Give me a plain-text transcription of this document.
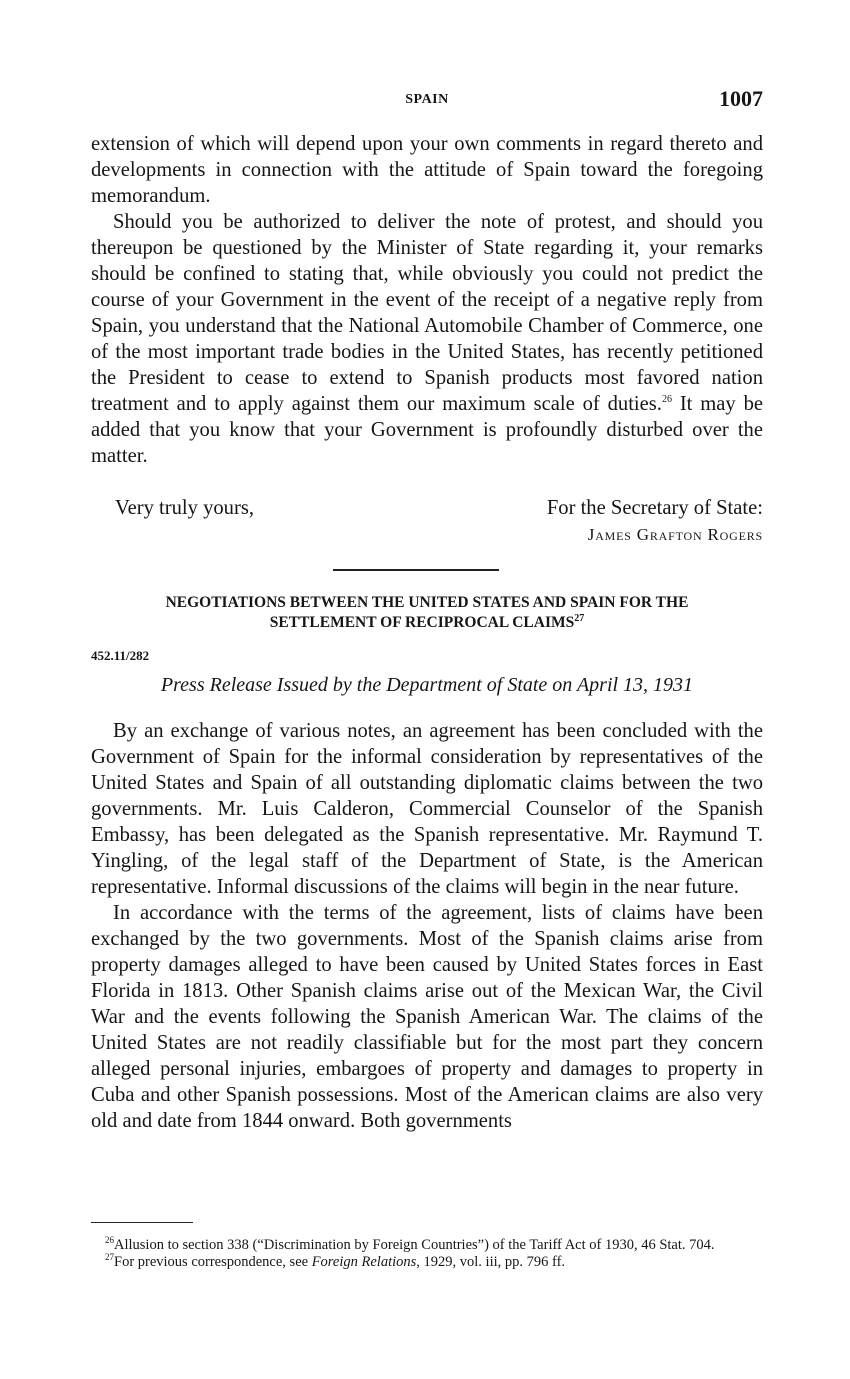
SPAIN	1007

extension of which will depend upon your own comments in regard thereto and developments in connection with the attitude of Spain toward the foregoing memorandum.

Should you be authorized to deliver the note of protest, and should you thereupon be questioned by the Minister of State regarding it, your remarks should be confined to stating that, while obviously you could not predict the course of your Government in the event of the receipt of a negative reply from Spain, you understand that the National Automobile Chamber of Commerce, one of the most important trade bodies in the United States, has recently petitioned the President to cease to extend to Spanish products most favored nation treatment and to apply against them our maximum scale of duties.$^{26}$ It may be added that you know that your Government is profoundly disturbed over the matter.

Very truly yours,	For the Secretary of State:
James Grafton Rogers
NEGOTIATIONS BETWEEN THE UNITED STATES AND SPAIN FOR THE
SETTLEMENT OF RECIPROCAL CLAIMS$^{27}$
452.11/282
Press Release Issued by the Department of State on April 13, 1931

By an exchange of various notes, an agreement has been concluded with the Government of Spain for the informal consideration by representatives of the United States and Spain of all outstanding diplomatic claims between the two governments. Mr. Luis Calderon, Commercial Counselor of the Spanish Embassy, has been delegated as the Spanish representative. Mr. Raymund T. Yingling, of the legal staff of the Department of State, is the American representative. Informal discussions of the claims will begin in the near future.

In accordance with the terms of the agreement, lists of claims have been exchanged by the two governments. Most of the Spanish claims arise from property damages alleged to have been caused by United States forces in East Florida in 1813. Other Spanish claims arise out of the Mexican War, the Civil War and the events following the Spanish American War. The claims of the United States are not readily classifiable but for the most part they concern alleged personal injuries, embargoes of property and damages to property in Cuba and other Spanish possessions. Most of the American claims are also very old and date from 1844 onward. Both governments

$^{26}$Allusion to section 338 (“Discrimination by Foreign Countries”) of the Tariff Act of 1930, 46 Stat. 704.

$^{27}$For previous correspondence, see Foreign Relations, 1929, vol. iii, pp. 796 ff.
